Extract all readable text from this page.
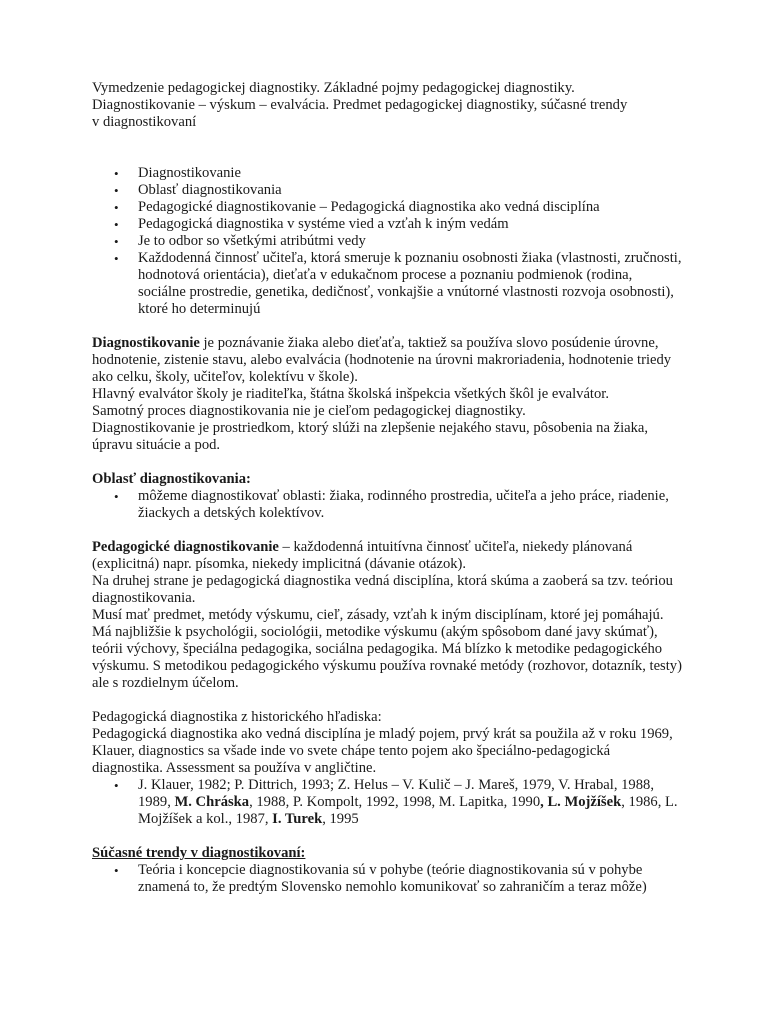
Vymedzenie pedagogickej diagnostiky. Základné pojmy pedagogickej diagnostiky.
Diagnostikovanie – výskum – evalvácia. Predmet pedagogickej diagnostiky, súčasné trendy
v diagnostikovaní

• Diagnostikovanie
• Oblasť diagnostikovania
• Pedagogické diagnostikovanie – Pedagogická diagnostika ako vedná disciplína
• Pedagogická diagnostika v systéme vied a vzťah k iným vedám
• Je to odbor so všetkými atribútmi vedy
• Každodenná činnosť učiteľa, ktorá smeruje k poznaniu osobnosti žiaka (vlastnosti, zručnosti, hodnotová orientácia), dieťaťa v edukačnom procese a poznaniu podmienok (rodina, sociálne prostredie, genetika, dedičnosť, vonkajšie a vnútorné vlastnosti rozvoja osobnosti), ktoré ho determinujú

Diagnostikovanie je poznávanie žiaka alebo dieťaťa, taktiež sa používa slovo posúdenie úrovne, hodnotenie, zistenie stavu, alebo evalvácia (hodnotenie na úrovni makroriadenia, hodnotenie triedy ako celku, školy, učiteľov, kolektívu v škole).

Hlavný evalvátor školy je riaditeľka, štátna školská inšpekcia všetkých škôl je evalvátor.

Samotný proces diagnostikovania nie je cieľom pedagogickej diagnostiky.

Diagnostikovanie je prostriedkom, ktorý slúži na zlepšenie nejakého stavu, pôsobenia na žiaka, úpravu situácie a pod.

Oblasť diagnostikovania:

• môžeme diagnostikovať oblasti: žiaka, rodinného prostredia, učiteľa a jeho práce, riadenie, žiackych a detských kolektívov.

Pedagogické diagnostikovanie – každodenná intuitívna činnosť učiteľa, niekedy plánovaná (explicitná) napr. písomka, niekedy implicitná (dávanie otázok).

Na druhej strane je pedagogická diagnostika vedná disciplína, ktorá skúma a zaoberá sa tzv. teóriou diagnostikovania.

Musí mať predmet, metódy výskumu, cieľ, zásady, vzťah k iným disciplínam, ktoré jej pomáhajú.

Má najbližšie k psychológii, sociológii, metodike výskumu (akým spôsobom dané javy skúmať), teórii výchovy, špeciálna pedagogika, sociálna pedagogika. Má blízko k metodike pedagogického výskumu. S metodikou pedagogického výskumu používa rovnaké metódy (rozhovor, dotazník, testy) ale s rozdielnym účelom.

Pedagogická diagnostika z historického hľadiska:

Pedagogická diagnostika ako vedná disciplína je mladý pojem, prvý krát sa použila až v roku 1969, Klauer, diagnostics sa všade inde vo svete chápe tento pojem ako špeciálno-pedagogická diagnostika. Assessment sa používa v angličtine.

• J. Klauer, 1982; P. Dittrich, 1993; Z. Helus – V. Kulič – J. Mareš, 1979, V. Hrabal, 1988, 1989, M. Chráska, 1988, P. Kompolt, 1992, 1998, M. Lapitka, 1990, L. Mojžíšek, 1986, L. Mojžíšek a kol., 1987, I. Turek, 1995

Súčasné trendy v diagnostikovaní:

• Teória i koncepcie diagnostikovania sú v pohybe (teórie diagnostikovania sú v pohybe znamená to, že predtým Slovensko nemohlo komunikovať so zahraničím a teraz môže)
